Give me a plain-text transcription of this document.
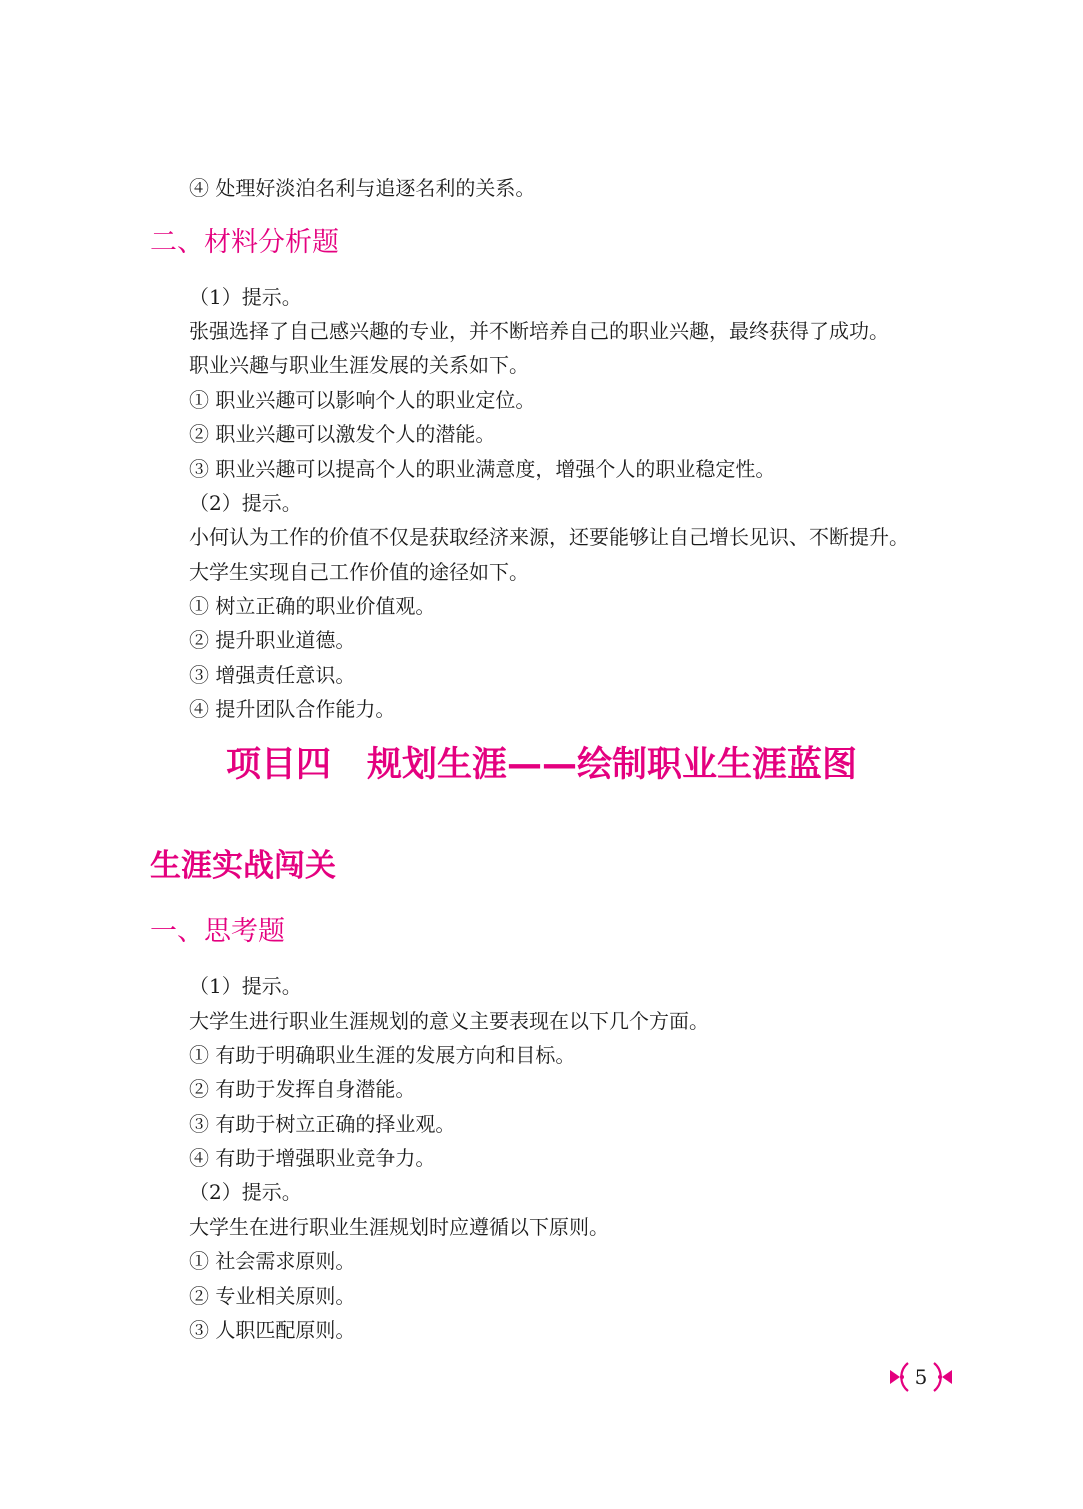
④ 处理好淡泊名利与追逐名利的关系。
二、材料分析题
（1）提示。
张强选择了自己感兴趣的专业，并不断培养自己的职业兴趣，最终获得了成功。
职业兴趣与职业生涯发展的关系如下。
① 职业兴趣可以影响个人的职业定位。
② 职业兴趣可以激发个人的潜能。
③ 职业兴趣可以提高个人的职业满意度，增强个人的职业稳定性。
（2）提示。
小何认为工作的价值不仅是获取经济来源，还要能够让自己增长见识、不断提升。
大学生实现自己工作价值的途径如下。
① 树立正确的职业价值观。
② 提升职业道德。
③ 增强责任意识。
④ 提升团队合作能力。
项目四 规划生涯——绘制职业生涯蓝图
生涯实战闯关
一、思考题
（1）提示。
大学生进行职业生涯规划的意义主要表现在以下几个方面。
① 有助于明确职业生涯的发展方向和目标。
② 有助于发挥自身潜能。
③ 有助于树立正确的择业观。
④ 有助于增强职业竞争力。
（2）提示。
大学生在进行职业生涯规划时应遵循以下原则。
① 社会需求原则。
② 专业相关原则。
③ 人职匹配原则。
5
